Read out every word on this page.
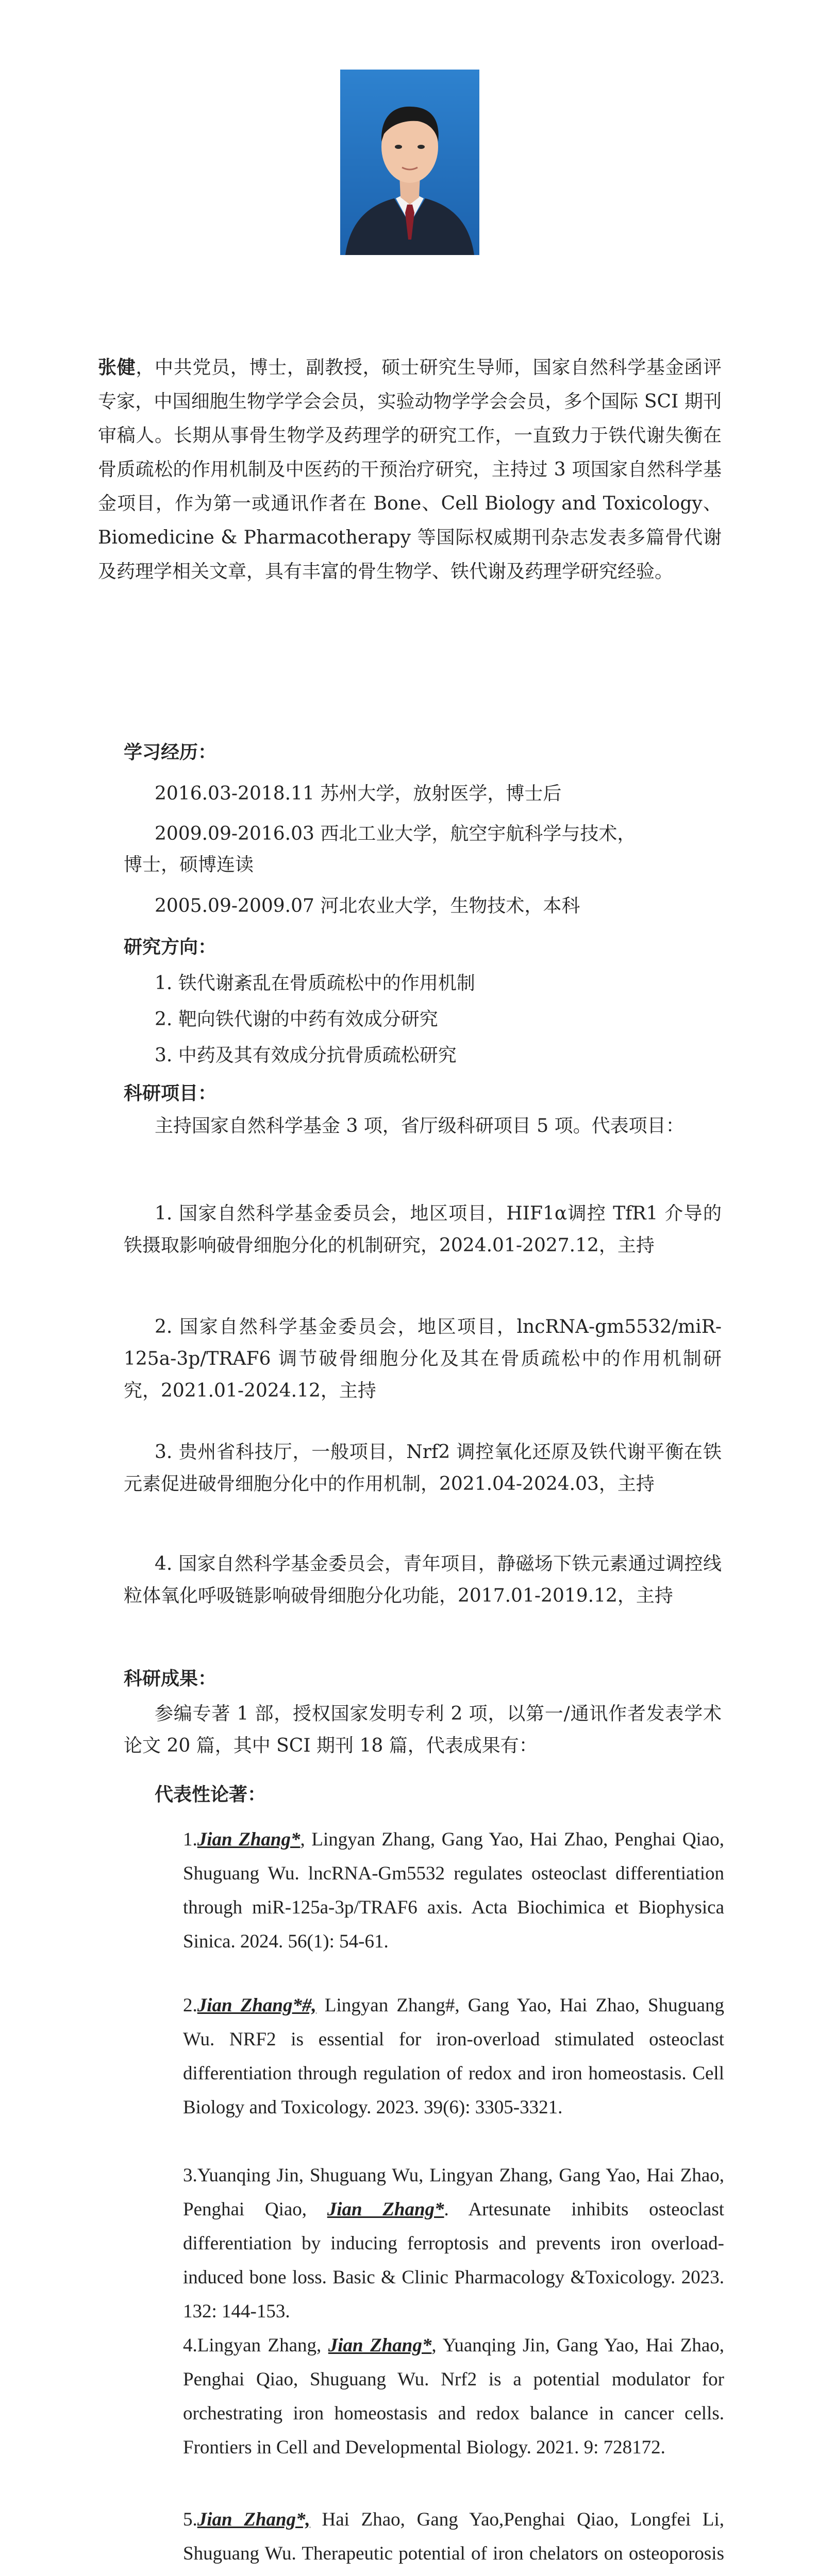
张健，中共党员，博士，副教授，硕士研究生导师，国家自然科学基金函评专家，中国细胞生物学学会会员，实验动物学学会会员，多个国际 SCI 期刊审稿人。长期从事骨生物学及药理学的研究工作，一直致力于铁代谢失衡在骨质疏松的作用机制及中医药的干预治疗研究，主持过 3 项国家自然科学基金项目，作为第一或通讯作者在 Bone、Cell Biology and Toxicology、Biomedicine & Pharmacotherapy 等国际权威期刊杂志发表多篇骨代谢及药理学相关文章，具有丰富的骨生物学、铁代谢及药理学研究经验。
学习经历：
2016.03-2018.11 苏州大学，放射医学，博士后
2009.09-2016.03 西北工业大学，航空宇航科学与技术，
博士，硕博连读
2005.09-2009.07 河北农业大学，生物技术，本科
研究方向：
1. 铁代谢紊乱在骨质疏松中的作用机制
2. 靶向铁代谢的中药有效成分研究
3. 中药及其有效成分抗骨质疏松研究
科研项目：
主持国家自然科学基金 3 项，省厅级科研项目 5 项。代表项目：
1. 国家自然科学基金委员会，地区项目，HIF1α调控 TfR1 介导的铁摄取影响破骨细胞分化的机制研究，2024.01-2027.12，主持
2. 国家自然科学基金委员会，地区项目，lncRNA-gm5532/miR-125a-3p/TRAF6 调节破骨细胞分化及其在骨质疏松中的作用机制研究，2021.01-2024.12，主持
3. 贵州省科技厅，一般项目，Nrf2 调控氧化还原及铁代谢平衡在铁元素促进破骨细胞分化中的作用机制，2021.04-2024.03，主持
4. 国家自然科学基金委员会，青年项目，静磁场下铁元素通过调控线粒体氧化呼吸链影响破骨细胞分化功能，2017.01-2019.12，主持
科研成果：
参编专著 1 部，授权国家发明专利 2 项，以第一/通讯作者发表学术论文 20 篇，其中 SCI 期刊 18 篇，代表成果有：
代表性论著：
1.Jian Zhang*, Lingyan Zhang, Gang Yao, Hai Zhao, Penghai Qiao, Shuguang Wu. lncRNA-Gm5532 regulates osteoclast differentiation through miR-125a-3p/TRAF6 axis. Acta Biochimica et Biophysica Sinica. 2024. 56(1): 54-61.
2.Jian Zhang*#, Lingyan Zhang#, Gang Yao, Hai Zhao, Shuguang Wu. NRF2 is essential for iron-overload stimulated osteoclast differentiation through regulation of redox and iron homeostasis. Cell Biology and Toxicology. 2023. 39(6): 3305-3321.
3.Yuanqing Jin, Shuguang Wu, Lingyan Zhang, Gang Yao, Hai Zhao, Penghai Qiao, Jian Zhang*. Artesunate inhibits osteoclast differentiation by inducing ferroptosis and prevents iron overload-induced bone loss. Basic & Clinic Pharmacology &Toxicology. 2023. 132: 144-153.
4.Lingyan Zhang, Jian Zhang*, Yuanqing Jin, Gang Yao, Hai Zhao, Penghai Qiao, Shuguang Wu. Nrf2 is a potential modulator for orchestrating iron homeostasis and redox balance in cancer cells. Frontiers in Cell and Developmental Biology. 2021. 9: 728172.
5.Jian Zhang*, Hai Zhao, Gang Yao,Penghai Qiao, Longfei Li, Shuguang Wu. Therapeutic potential of iron chelators on osteoporosis
